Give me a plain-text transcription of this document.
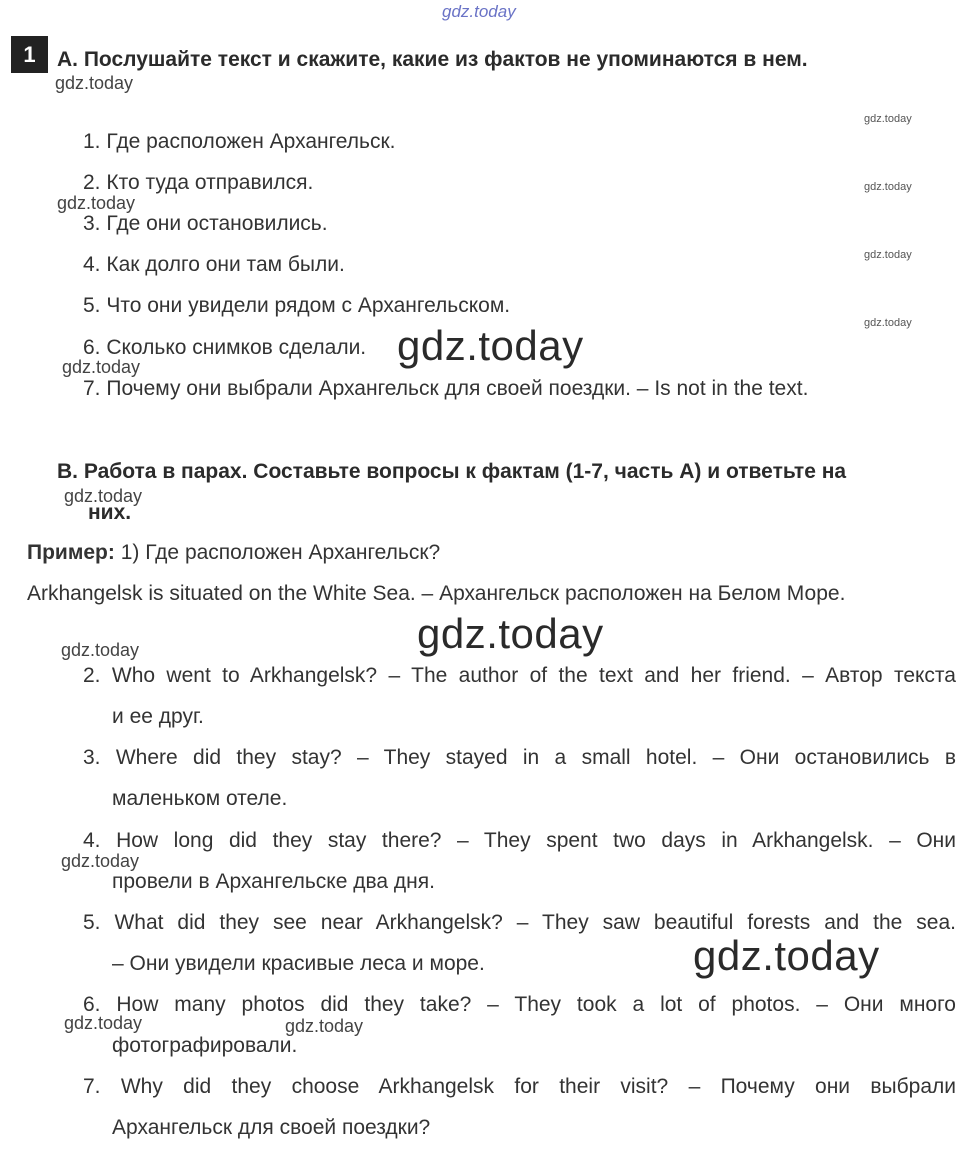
gdz.today
1	A. Послушайте текст и скажите, какие из фактов не упоминаются в нем.
1. Где расположен Архангельск.
2. Кто туда отправился.
3. Где они остановились.
4. Как долго они там были.
5. Что они увидели рядом с Архангельском.
6. Сколько снимков сделали.
7. Почему они выбрали Архангельск для своей поездки. – Is not in the text.
B. Работа в парах. Составьте вопросы к фактам (1-7, часть А) и ответьте на
них.
Пример: 1) Где расположен Архангельск?
Arkhangelsk is situated on the White Sea. – Архангельск расположен на Белом Море.
2. Who went to Arkhangelsk? – The author of the text and her friend. – Автор текста
и ее друг.
3. Where did they stay? – They stayed in a small hotel. – Они остановились в
маленьком отеле.
4. How long did they stay there? – They spent two days in Arkhangelsk. – Они
провели в Архангельске два дня.
5. What did they see near Arkhangelsk? – They saw beautiful forests and the sea.
– Они увидели красивые леса и море.
6. How many photos did they take? – They took a lot of photos. – Они много
фотографировали.
7. Why did they choose Arkhangelsk for their visit? – Почему они выбрали
Архангельск для своей поездки?
gdz.today
gdz.today
gdz.today
gdz.today
gdz.today
gdz.today
gdz.today	gdz.today
gdz.today
gdz.today
gdz.today
gdz.today
gdz.today
gdz.today
gdz.today
